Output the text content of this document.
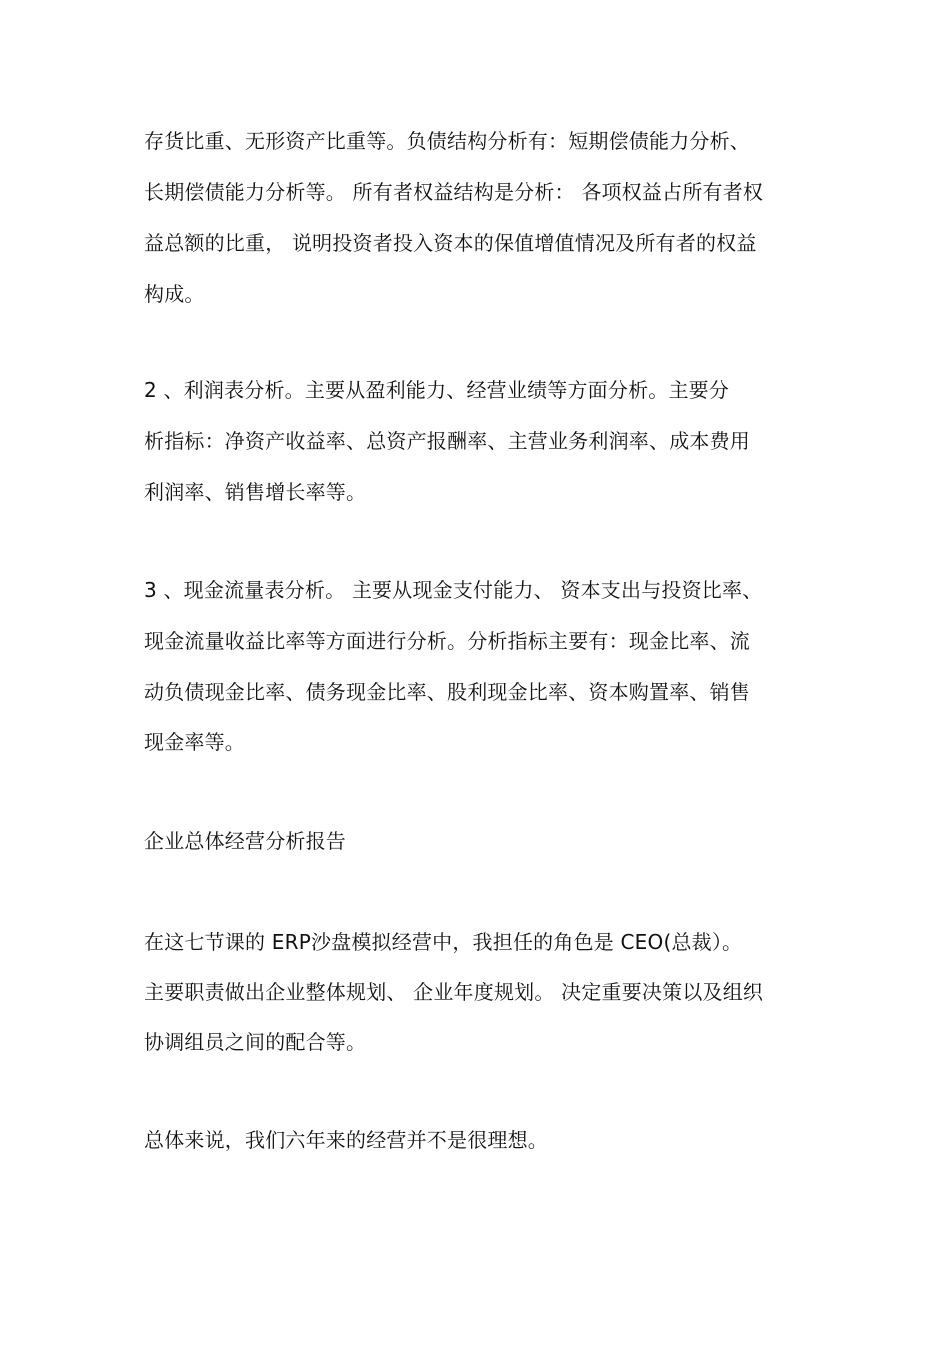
存货比重、无形资产比重等。负债结构分析有：短期偿债能力分析、
长期偿债能力分析等。 所有者权益结构是分析： 各项权益占所有者权
益总额的比重， 说明投资者投入资本的保值增值情况及所有者的权益
构成。
2 、利润表分析。主要从盈利能力、经营业绩等方面分析。主要分
析指标：净资产收益率、总资产报酬率、主营业务利润率、成本费用
利润率、销售增长率等。
3 、现金流量表分析。 主要从现金支付能力、 资本支出与投资比率、
现金流量收益比率等方面进行分析。分析指标主要有：现金比率、流
动负债现金比率、债务现金比率、股利现金比率、资本购置率、销售
现金率等。
企业总体经营分析报告
在这七节课的 ERP沙盘模拟经营中，我担任的角色是 CEO(总裁）。
主要职责做出企业整体规划、 企业年度规划。 决定重要决策以及组织
协调组员之间的配合等。
总体来说，我们六年来的经营并不是很理想。
